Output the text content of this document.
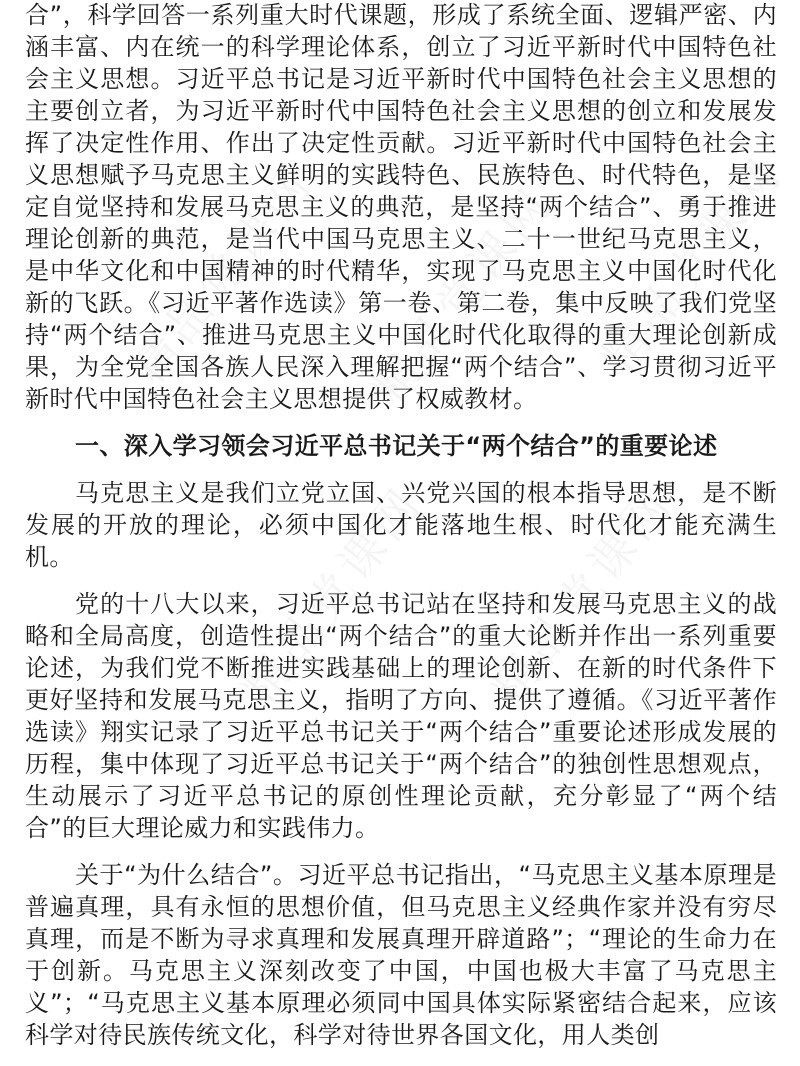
合”，科学回答一系列重大时代课题，形成了系统全面、逻辑严密、内涵丰富、内在统一的科学理论体系，创立了习近平新时代中国特色社会主义思想。习近平总书记是习近平新时代中国特色社会主义思想的主要创立者，为习近平新时代中国特色社会主义思想的创立和发展发挥了决定性作用、作出了决定性贡献。习近平新时代中国特色社会主义思想赋予马克思主义鲜明的实践特色、民族特色、时代特色，是坚定自觉坚持和发展马克思主义的典范，是坚持“两个结合”、勇于推进理论创新的典范，是当代中国马克思主义、二十一世纪马克思主义，是中华文化和中国精神的时代精华，实现了马克思主义中国化时代化新的飞跃。《习近平著作选读》第一卷、第二卷，集中反映了我们党坚持“两个结合”、推进马克思主义中国化时代化取得的重大理论创新成果，为全党全国各族人民深入理解把握“两个结合”、学习贯彻习近平新时代中国特色社会主义思想提供了权威教材。

一、深入学习领会习近平总书记关于“两个结合”的重要论述

马克思主义是我们立党立国、兴党兴国的根本指导思想，是不断发展的开放的理论，必须中国化才能落地生根、时代化才能充满生机。

党的十八大以来，习近平总书记站在坚持和发展马克思主义的战略和全局高度，创造性提出“两个结合”的重大论断并作出一系列重要论述，为我们党不断推进实践基础上的理论创新、在新的时代条件下更好坚持和发展马克思主义，指明了方向、提供了遵循。《习近平著作选读》翔实记录了习近平总书记关于“两个结合”重要论述形成发展的历程，集中体现了习近平总书记关于“两个结合”的独创性思想观点，生动展示了习近平总书记的原创性理论贡献，充分彰显了“两个结合”的巨大理论威力和实践伟力。

关于“为什么结合”。习近平总书记指出，“马克思主义基本原理是普遍真理，具有永恒的思想价值，但马克思主义经典作家并没有穷尽真理，而是不断为寻求真理和发展真理开辟道路”；“理论的生命力在于创新。马克思主义深刻改变了中国，中国也极大丰富了马克思主义”；“马克思主义基本原理必须同中国具体实际紧密结合起来，应该科学对待民族传统文化，科学对待世界各国文化，用人类创
